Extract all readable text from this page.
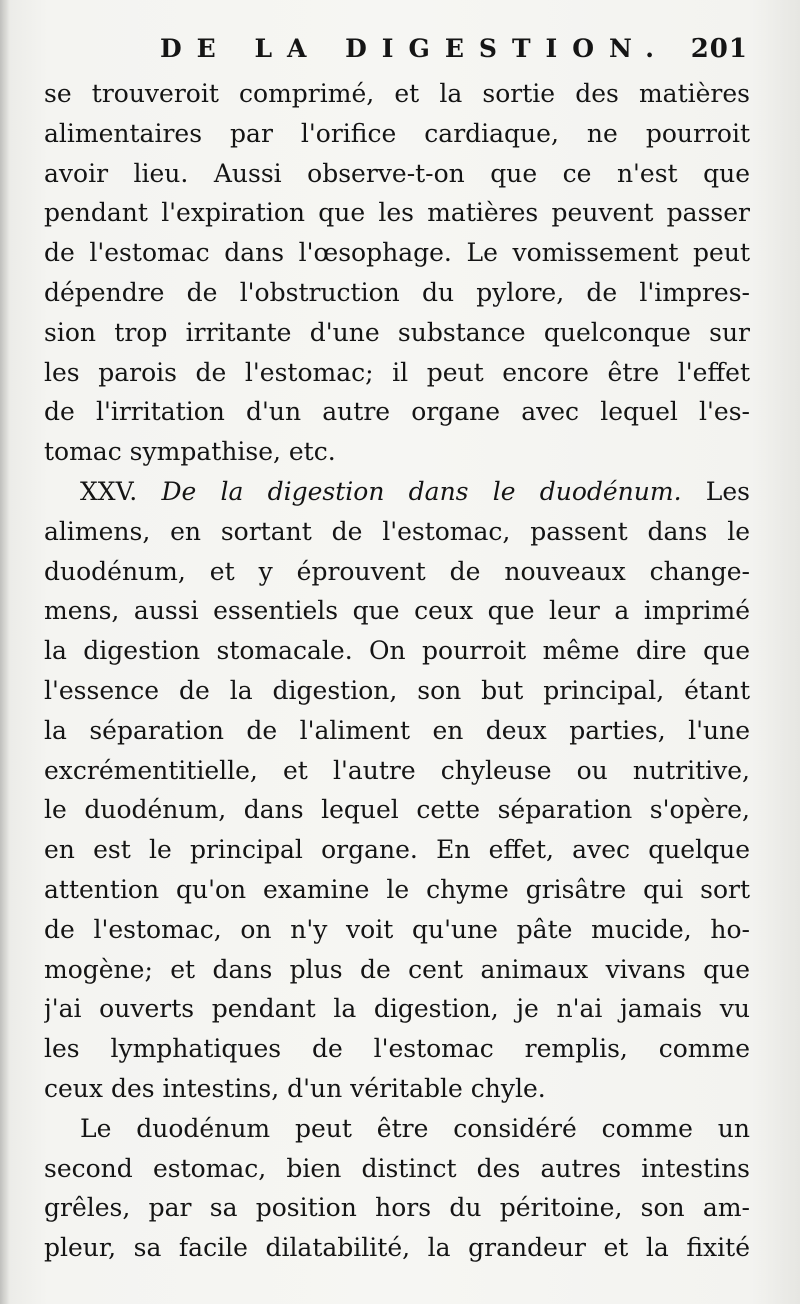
DE LA DIGESTION. 201
se trouveroit comprimé, et la sortie des matières
alimentaires par l'orifice cardiaque, ne pourroit
avoir lieu. Aussi observe-t-on que ce n'est que
pendant l'expiration que les matières peuvent passer
de l'estomac dans l'œsophage. Le vomissement peut
dépendre de l'obstruction du pylore, de l'impres-
sion trop irritante d'une substance quelconque sur
les parois de l'estomac; il peut encore être l'effet
de l'irritation d'un autre organe avec lequel l'es-
tomac sympathise, etc.
XXV. De la digestion dans le duodénum. Les
alimens, en sortant de l'estomac, passent dans le
duodénum, et y éprouvent de nouveaux change-
mens, aussi essentiels que ceux que leur a imprimé
la digestion stomacale. On pourroit même dire que
l'essence de la digestion, son but principal, étant
la séparation de l'aliment en deux parties, l'une
excrémentitielle, et l'autre chyleuse ou nutritive,
le duodénum, dans lequel cette séparation s'opère,
en est le principal organe. En effet, avec quelque
attention qu'on examine le chyme grisâtre qui sort
de l'estomac, on n'y voit qu'une pâte mucide, ho-
mogène; et dans plus de cent animaux vivans que
j'ai ouverts pendant la digestion, je n'ai jamais vu
les lymphatiques de l'estomac remplis, comme
ceux des intestins, d'un véritable chyle.
Le duodénum peut être considéré comme un
second estomac, bien distinct des autres intestins
grêles, par sa position hors du péritoine, son am-
pleur, sa facile dilatabilité, la grandeur et la fixité
